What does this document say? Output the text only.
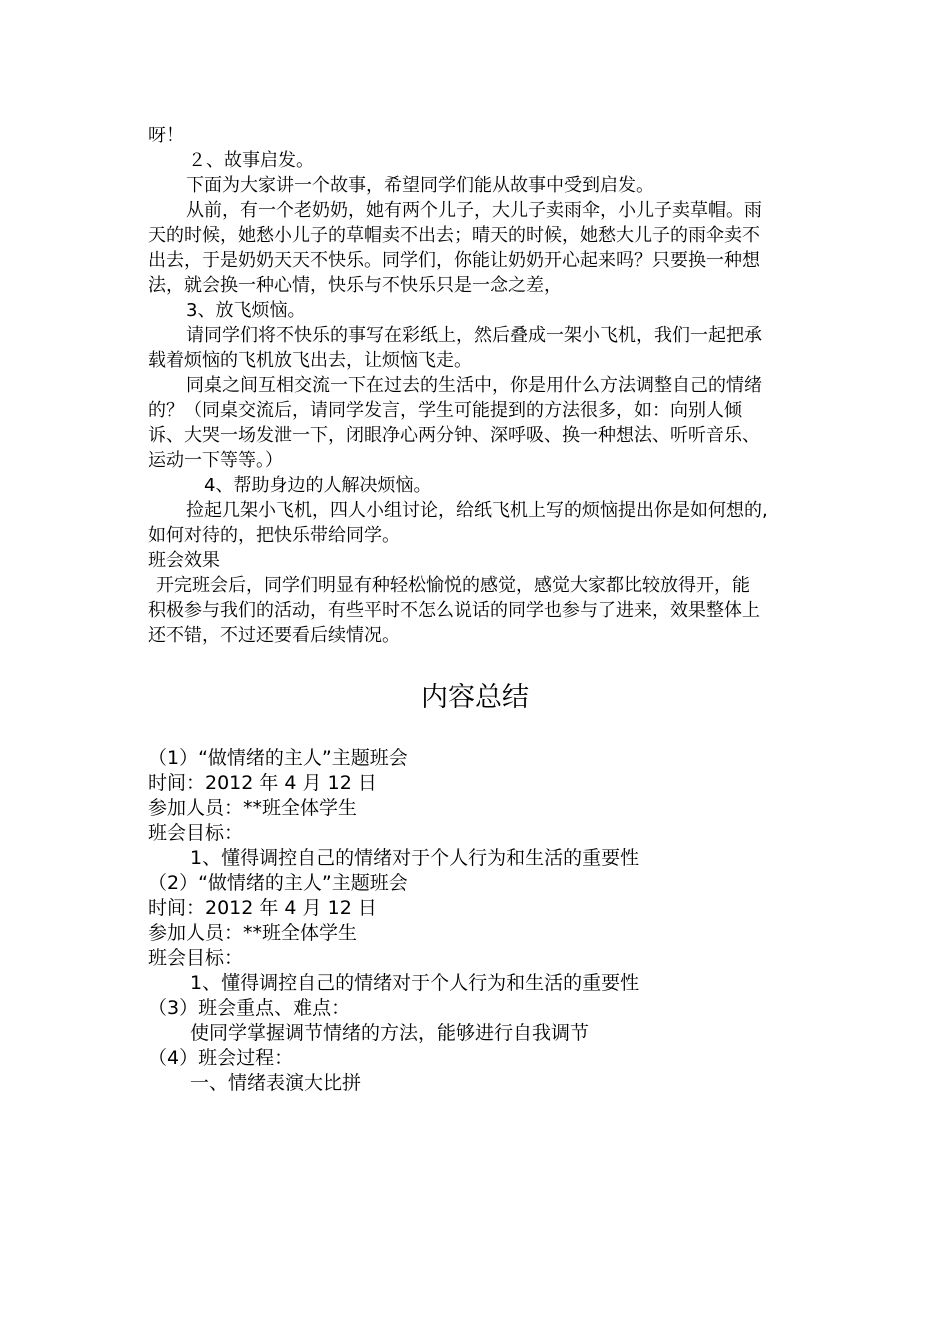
呀！
２、故事启发。
下面为大家讲一个故事，希望同学们能从故事中受到启发。
从前，有一个老奶奶，她有两个儿子，大儿子卖雨伞，小儿子卖草帽。雨
天的时候，她愁小儿子的草帽卖不出去；晴天的时候，她愁大儿子的雨伞卖不
出去，于是奶奶天天不快乐。同学们，你能让奶奶开心起来吗？只要换一种想
法，就会换一种心情，快乐与不快乐只是一念之差，
3、放飞烦恼。
请同学们将不快乐的事写在彩纸上，然后叠成一架小飞机，我们一起把承
载着烦恼的飞机放飞出去，让烦恼飞走。
同桌之间互相交流一下在过去的生活中，你是用什么方法调整自己的情绪
的？（同桌交流后，请同学发言，学生可能提到的方法很多，如：向别人倾
诉、大哭一场发泄一下，闭眼净心两分钟、深呼吸、换一种想法、听听音乐、
运动一下等等。）
4、帮助身边的人解决烦恼。
捡起几架小飞机，四人小组讨论，给纸飞机上写的烦恼提出你是如何想的,
如何对待的，把快乐带给同学。
班会效果
开完班会后，同学们明显有种轻松愉悦的感觉，感觉大家都比较放得开，能
积极参与我们的活动，有些平时不怎么说话的同学也参与了进来，效果整体上
还不错，不过还要看后续情况。
内容总结
（1）“做情绪的主人”主题班会
时间：2012 年 4 月 12 日
参加人员：**班全体学生
班会目标：
1、懂得调控自己的情绪对于个人行为和生活的重要性
（2）“做情绪的主人”主题班会
时间：2012 年 4 月 12 日
参加人员：**班全体学生
班会目标：
1、懂得调控自己的情绪对于个人行为和生活的重要性
（3）班会重点、难点：
使同学掌握调节情绪的方法，能够进行自我调节
（4）班会过程：
一、情绪表演大比拼
